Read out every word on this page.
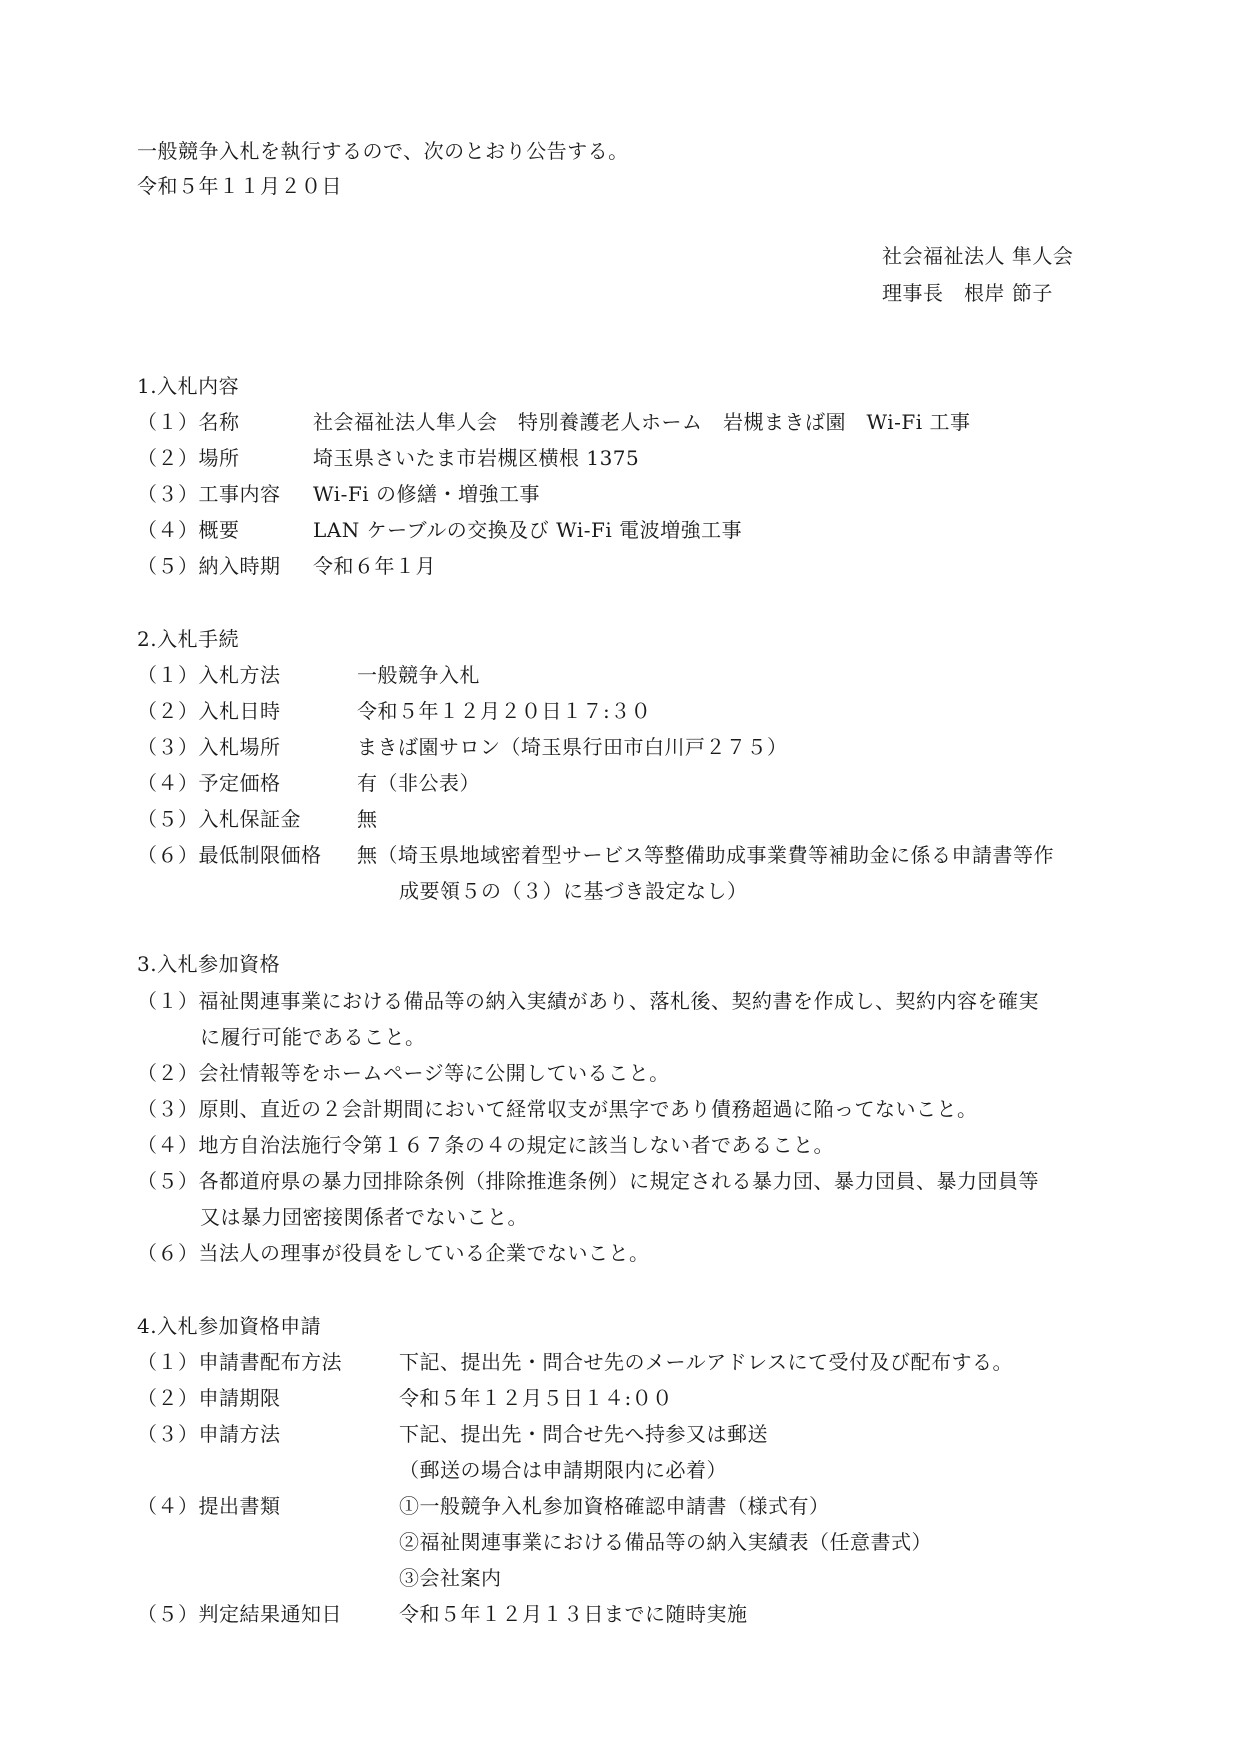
一般競争入札を執行するので、次のとおり公告する。
令和５年１１月２０日
社会福祉法人 隼人会
理事長　根岸 節子
1.入札内容
（１）名称	社会福祉法人隼人会　特別養護老人ホーム　岩槻まきば園　Wi-Fi 工事
（２）場所	埼玉県さいたま市岩槻区横根 1375
（３）工事内容 Wi-Fi の修繕・増強工事
（４）概要	LAN ケーブルの交換及び Wi-Fi 電波増強工事
（５）納入時期 令和６年１月
2.入札手続
（１）入札方法	一般競争入札
（２）入札日時	令和５年１２月２０日１７:３０
（３）入札場所	まきば園サロン（埼玉県行田市白川戸２７５）
（４）予定価格	有（非公表）
（５）入札保証金	無
（６）最低制限価格 無（埼玉県地域密着型サービス等整備助成事業費等補助金に係る申請書等作
成要領５の（３）に基づき設定なし）
3.入札参加資格
（１）福祉関連事業における備品等の納入実績があり、落札後、契約書を作成し、契約内容を確実
に履行可能であること。
（２）会社情報等をホームページ等に公開していること。
（３）原則、直近の２会計期間において経常収支が黒字であり債務超過に陥ってないこと。
（４）地方自治法施行令第１６７条の４の規定に該当しない者であること。
（５）各都道府県の暴力団排除条例（排除推進条例）に規定される暴力団、暴力団員、暴力団員等
又は暴力団密接関係者でないこと。
（６）当法人の理事が役員をしている企業でないこと。
4.入札参加資格申請
（１）申請書配布方法	下記、提出先・問合せ先のメールアドレスにて受付及び配布する。
（２）申請期限	令和５年１２月５日１４:００
（３）申請方法	下記、提出先・問合せ先へ持参又は郵送
（郵送の場合は申請期限内に必着）
（４）提出書類	①一般競争入札参加資格確認申請書（様式有）
②福祉関連事業における備品等の納入実績表（任意書式）
③会社案内
（５）判定結果通知日	令和５年１２月１３日までに随時実施
